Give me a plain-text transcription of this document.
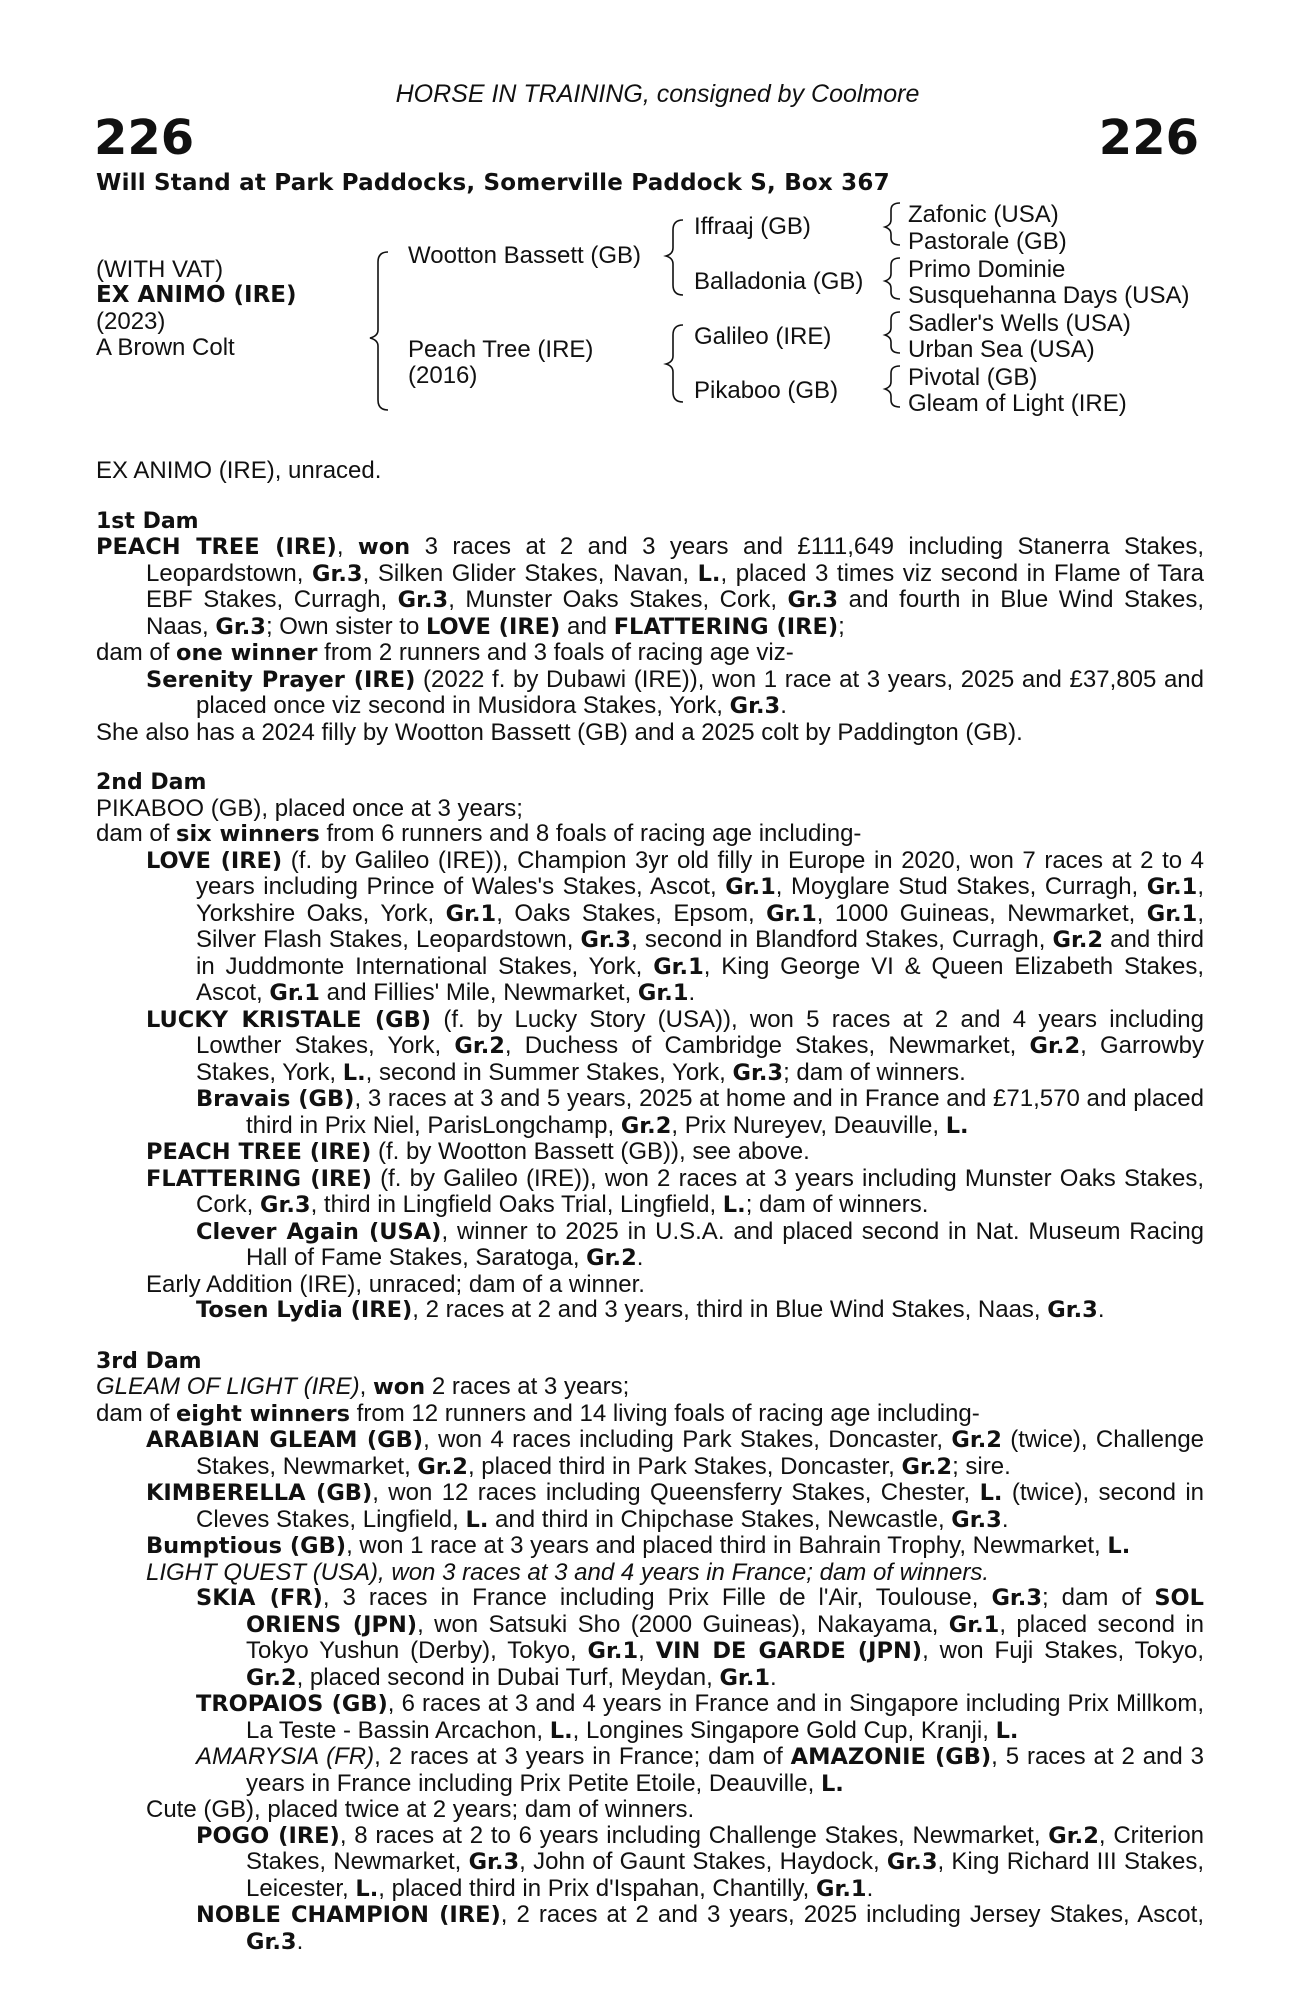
HORSE IN TRAINING, consigned by Coolmore
226	226
Will Stand at Park Paddocks, Somerville Paddock S, Box 367
(WITH VAT)
EX ANIMO (IRE)
(2023)
A Brown Colt
Wootton Bassett (GB)
Peach Tree (IRE)
(2016)
Iffraaj (GB)
Balladonia (GB)
Galileo (IRE)
Pikaboo (GB)
Zafonic (USA)
Pastorale (GB)
Primo Dominie
Susquehanna Days (USA)
Sadler's Wells (USA)
Urban Sea (USA)
Pivotal (GB)
Gleam of Light (IRE)

EX ANIMO (IRE), unraced.

1st Dam

PEACH TREE (IRE), won 3 races at 2 and 3 years and £111,649 including Stanerra Stakes, Leopardstown, Gr.3, Silken Glider Stakes, Navan, L., placed 3 times viz second in Flame of Tara EBF Stakes, Curragh, Gr.3, Munster Oaks Stakes, Cork, Gr.3 and fourth in Blue Wind Stakes, Naas, Gr.3; Own sister to LOVE (IRE) and FLATTERING (IRE);

dam of one winner from 2 runners and 3 foals of racing age viz-

Serenity Prayer (IRE) (2022 f. by Dubawi (IRE)), won 1 race at 3 years, 2025 and £37,805 and placed once viz second in Musidora Stakes, York, Gr.3.

She also has a 2024 filly by Wootton Bassett (GB) and a 2025 colt by Paddington (GB).

2nd Dam

PIKABOO (GB), placed once at 3 years;

dam of six winners from 6 runners and 8 foals of racing age including-

LOVE (IRE) (f. by Galileo (IRE)), Champion 3yr old filly in Europe in 2020, won 7 races at 2 to 4 years including Prince of Wales's Stakes, Ascot, Gr.1, Moyglare Stud Stakes, Curragh, Gr.1, Yorkshire Oaks, York, Gr.1, Oaks Stakes, Epsom, Gr.1, 1000 Guineas, Newmarket, Gr.1, Silver Flash Stakes, Leopardstown, Gr.3, second in Blandford Stakes, Curragh, Gr.2 and third in Juddmonte International Stakes, York, Gr.1, King George VI & Queen Elizabeth Stakes, Ascot, Gr.1 and Fillies' Mile, Newmarket, Gr.1.

LUCKY KRISTALE (GB) (f. by Lucky Story (USA)), won 5 races at 2 and 4 years including Lowther Stakes, York, Gr.2, Duchess of Cambridge Stakes, Newmarket, Gr.2, Garrowby Stakes, York, L., second in Summer Stakes, York, Gr.3; dam of winners.

Bravais (GB), 3 races at 3 and 5 years, 2025 at home and in France and £71,570 and placed third in Prix Niel, ParisLongchamp, Gr.2, Prix Nureyev, Deauville, L.

PEACH TREE (IRE) (f. by Wootton Bassett (GB)), see above.

FLATTERING (IRE) (f. by Galileo (IRE)), won 2 races at 3 years including Munster Oaks Stakes, Cork, Gr.3, third in Lingfield Oaks Trial, Lingfield, L.; dam of winners.

Clever Again (USA), winner to 2025 in U.S.A. and placed second in Nat. Museum Racing Hall of Fame Stakes, Saratoga, Gr.2.

Early Addition (IRE), unraced; dam of a winner.

Tosen Lydia (IRE), 2 races at 2 and 3 years, third in Blue Wind Stakes, Naas, Gr.3.

3rd Dam

GLEAM OF LIGHT (IRE), won 2 races at 3 years;

dam of eight winners from 12 runners and 14 living foals of racing age including-

ARABIAN GLEAM (GB), won 4 races including Park Stakes, Doncaster, Gr.2 (twice), Challenge Stakes, Newmarket, Gr.2, placed third in Park Stakes, Doncaster, Gr.2; sire.

KIMBERELLA (GB), won 12 races including Queensferry Stakes, Chester, L. (twice), second in Cleves Stakes, Lingfield, L. and third in Chipchase Stakes, Newcastle, Gr.3.

Bumptious (GB), won 1 race at 3 years and placed third in Bahrain Trophy, Newmarket, L.

LIGHT QUEST (USA), won 3 races at 3 and 4 years in France; dam of winners.

SKIA (FR), 3 races in France including Prix Fille de l'Air, Toulouse, Gr.3; dam of SOL ORIENS (JPN), won Satsuki Sho (2000 Guineas), Nakayama, Gr.1, placed second in Tokyo Yushun (Derby), Tokyo, Gr.1, VIN DE GARDE (JPN), won Fuji Stakes, Tokyo, Gr.2, placed second in Dubai Turf, Meydan, Gr.1.

TROPAIOS (GB), 6 races at 3 and 4 years in France and in Singapore including Prix Millkom, La Teste - Bassin Arcachon, L., Longines Singapore Gold Cup, Kranji, L.

AMARYSIA (FR), 2 races at 3 years in France; dam of AMAZONIE (GB), 5 races at 2 and 3 years in France including Prix Petite Etoile, Deauville, L.

Cute (GB), placed twice at 2 years; dam of winners.

POGO (IRE), 8 races at 2 to 6 years including Challenge Stakes, Newmarket, Gr.2, Criterion Stakes, Newmarket, Gr.3, John of Gaunt Stakes, Haydock, Gr.3, King Richard III Stakes, Leicester, L., placed third in Prix d'Ispahan, Chantilly, Gr.1.

NOBLE CHAMPION (IRE), 2 races at 2 and 3 years, 2025 including Jersey Stakes, Ascot, Gr.3.
